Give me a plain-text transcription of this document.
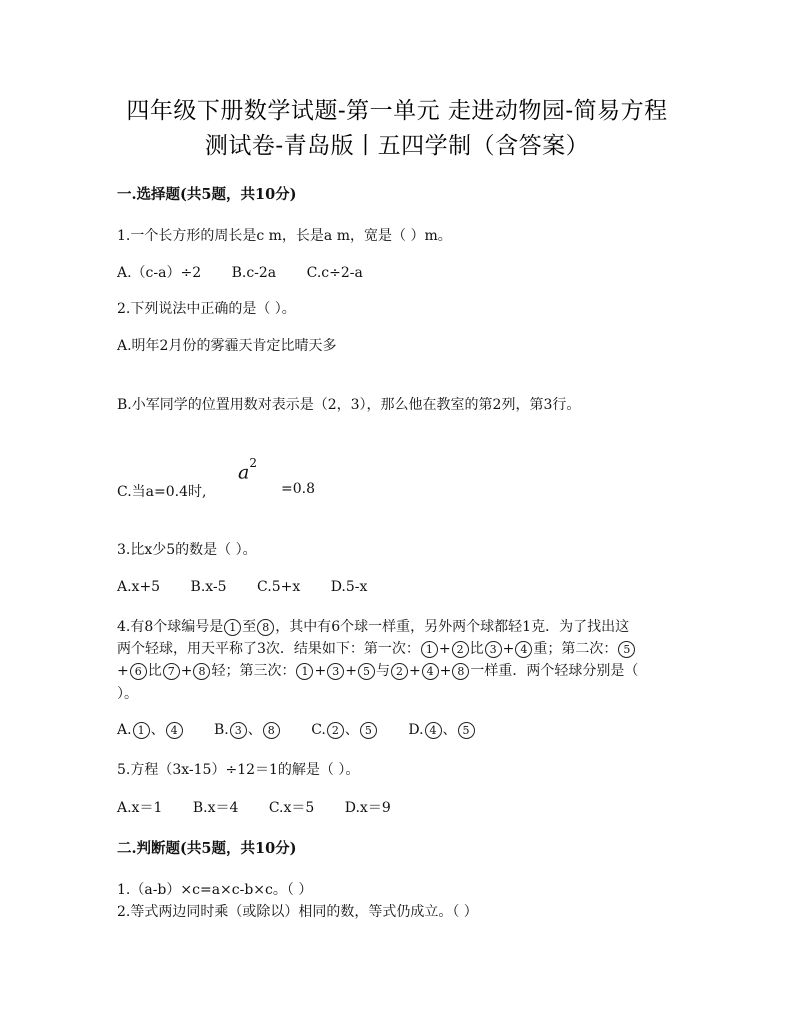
四年级下册数学试题-第一单元 走进动物园-简易方程
测试卷-青岛版丨五四学制（含答案）
一.选择题(共5题，共10分)
1.一个长方形的周长是c m，长是a m，宽是（ ）m。
A.（c-a）÷2 B.c-2a C.c÷2-a
2.下列说法中正确的是（ ）。
A.明年2月份的雾霾天肯定比晴天多
B.小军同学的位置用数对表示是（2，3），那么他在教室的第2列，第3行。
C.当a=0.4时,
$a^2$
=0.8
3.比x少5的数是（ ）。
A.x+5 B.x-5 C.5+x D.5-x
4.有8个球编号是 1 至 8 ，其中有6个球一样重，另外两个球都轻1克．为了找出这
两个轻球，用天平称了3次．结果如下：第一次： 1 + 2 比 3 + 4 重；第二次： 5
+ 6 比 7 + 8 轻；第三次： 1 + 3 + 5 与 2 + 4 + 8 一样重．两个轻球分别是（
）。
A. 1 、 4	B. 3 、 8	C. 2 、 5	D. 4 、 5
5.方程（3x-15）÷12＝1的解是（ ）。
A.x＝1 B.x＝4 C.x＝5 D.x＝9
二.判断题(共5题，共10分)
1.（a-b）×c=a×c-b×c。（ ）
2.等式两边同时乘（或除以）相同的数，等式仍成立。（ ）
